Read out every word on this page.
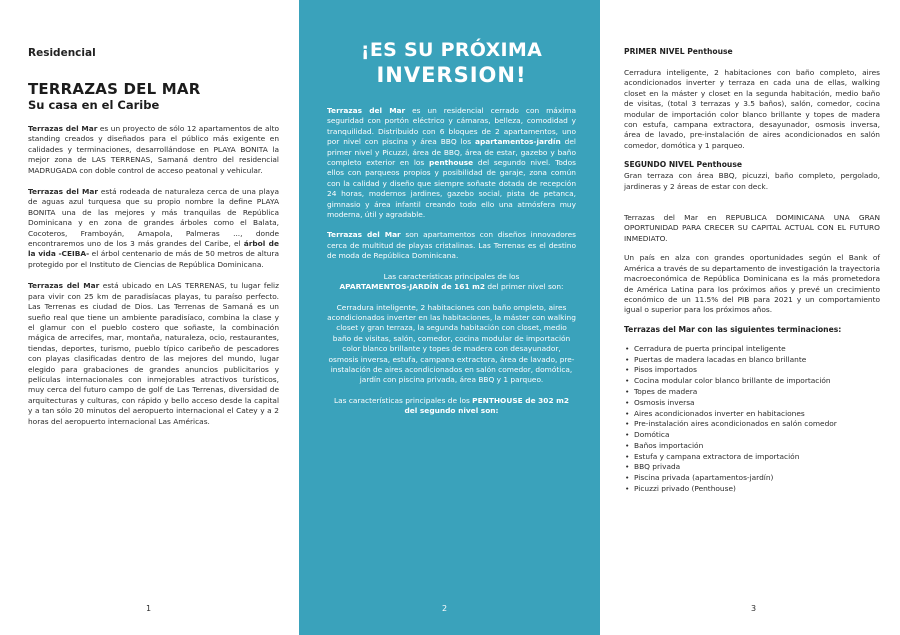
Residencial
TERRAZAS DEL MAR
Su casa en el Caribe

Terrazas del Mar es un proyecto de sólo 12 apartamentos de alto standing creados y diseñados para el público más exigente en calidades y terminaciones, desarrollándose en PLAYA BONITA la mejor zona de LAS TERRENAS, Samaná dentro del residencial MADRUGADA con doble control de acceso peatonal y vehicular.

Terrazas del Mar está rodeada de naturaleza cerca de una playa de aguas azul turquesa que su propio nombre la define PLAYA BONITA una de las mejores y más tranquilas de República Dominicana y en zona de grandes árboles como el Balata, Cocoteros, Framboyán, Amapola, Palmeras ..., donde encontraremos uno de los 3 más grandes del Caribe, el árbol de la vida -CEIBA- el árbol centenario de más de 50 metros de altura protegido por el Instituto de Ciencias de República Dominicana.

Terrazas del Mar está ubicado en LAS TERRENAS, tu lugar feliz para vivir con 25 km de paradisíacas playas, tu paraíso perfecto. Las Terrenas es ciudad de Dios. Las Terrenas de Samaná es un sueño real que tiene un ambiente paradisíaco, combina la clase y el glamur con el pueblo costero que soñaste, la combinación mágica de arrecifes, mar, montaña, naturaleza, ocio, restaurantes, tiendas, deportes, turismo, pueblo típico caribeño de pescadores con playas clasificadas dentro de las mejores del mundo, lugar elegido para grabaciones de grandes anuncios publicitarios y películas internacionales con inmejorables atractivos turísticos, muy cerca del futuro campo de golf de Las Terrenas, diversidad de arquitecturas y culturas, con rápido y bello acceso desde la capital y a tan sólo 20 minutos del aeropuerto internacional el Catey y a 2 horas del aeropuerto internacional Las Américas.

1
¡ES SU PRÓXIMA
INVERSION!

Terrazas del Mar es un residencial cerrado con máxima seguridad con portón eléctrico y cámaras, belleza, comodidad y tranquilidad. Distribuido con 6 bloques de 2 apartamentos, uno por nivel con piscina y área BBQ los apartamentos-jardín del primer nivel y Picuzzi, área de BBQ, área de estar, gazebo y baño completo exterior en los penthouse del segundo nivel. Todos ellos con parqueos propios y posibilidad de garaje, zona común con la calidad y diseño que siempre soñaste dotada de recepción 24 horas, modernos jardines, gazebo social, pista de petanca, gimnasio y área infantil creando todo ello una atmósfera muy moderna, útil y agradable.

Terrazas del Mar son apartamentos con diseños innovadores cerca de multitud de playas cristalinas. Las Terrenas es el destino de moda de República Dominicana.

Las características principales de los
APARTAMENTOS-JARDÍN de 161 m2 del primer nivel son:

Cerradura inteligente, 2 habitaciones con baño ompleto, aires acondicionados inverter en las habitaciones, la máster con walking closet y gran terraza, la segunda habitación con closet, medio baño de visitas, salón, comedor, cocina modular de importación color blanco brillante y topes de madera con desayunador, osmosis inversa, estufa, campana extractora, área de lavado, pre-instalación de aires acondicionados en salón comedor, domótica, jardín con piscina privada, área BBQ y 1 parqueo.

Las características principales de los PENTHOUSE de 302 m2 del segundo nivel son:

2
PRIMER NIVEL Penthouse

Cerradura inteligente, 2 habitaciones con baño completo, aires acondicionados inverter y terraza en cada una de ellas, walking closet en la máster y closet en la segunda habitación, medio baño de visitas, (total 3 terrazas y 3.5 baños), salón, comedor, cocina modular de importación color blanco brillante y topes de madera con estufa, campana extractora, desayunador, osmosis inversa, área de lavado, pre-instalación de aires acondicionados en salón comedor, domótica y 1 parqueo.

SEGUNDO NIVEL Penthouse

Gran terraza con área BBQ, picuzzi, baño completo, pergolado, jardineras y 2 áreas de estar con deck.

Terrazas del Mar en REPUBLICA DOMINICANA UNA GRAN OPORTUNIDAD PARA CRECER SU CAPITAL ACTUAL CON EL FUTURO INMEDIATO.

Un país en alza con grandes oportunidades según el Bank of América a través de su departamento de investigación la trayectoria macroeconómica de República Dominicana es la más prometedora de América Latina para los próximos años y prevé un crecimiento económico de un 11.5% del PIB para 2021 y un comportamiento igual o superior para los próximos años.

Terrazas del Mar con las siguientes terminaciones:
• Cerradura de puerta principal inteligente
• Puertas de madera lacadas en blanco brillante
• Pisos importados
• Cocina modular color blanco brillante de importación
• Topes de madera
• Osmosis inversa
• Aires acondicionados inverter en habitaciones
• Pre-instalación aires acondicionados en salón comedor
• Domótica
• Baños importación
• Estufa y campana extractora de importación
• BBQ privada
• Piscina privada (apartamentos-jardín)
• Picuzzi privado (Penthouse)
3
